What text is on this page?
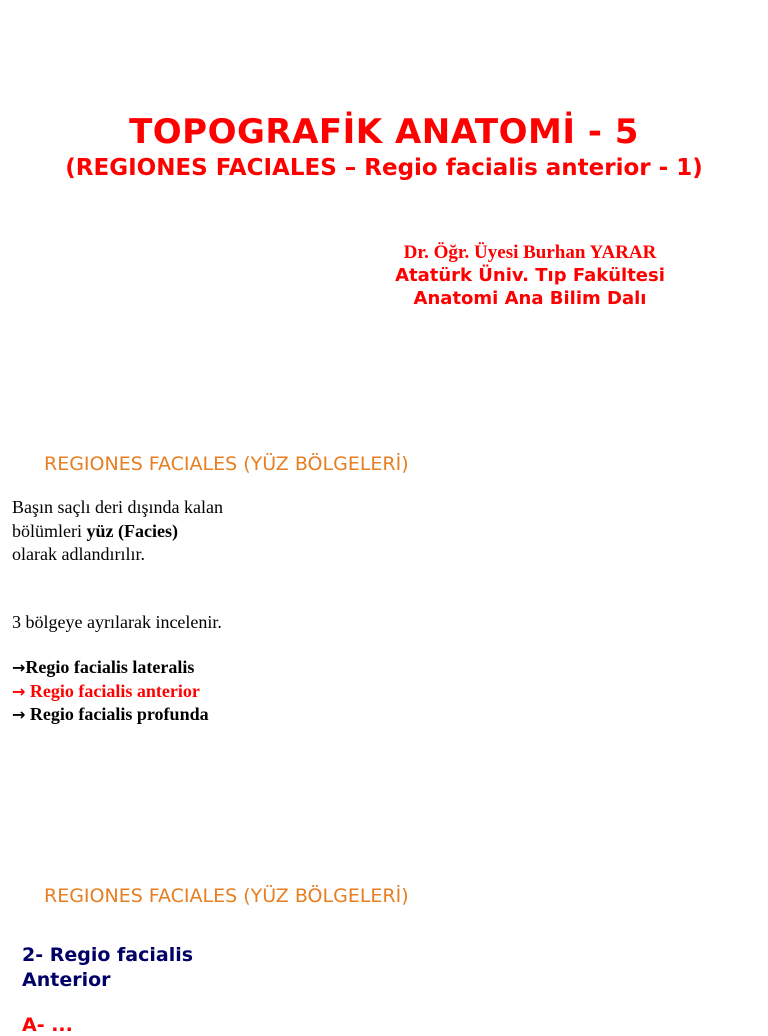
TOPOGRAFİK ANATOMİ - 5
(REGIONES FACIALES – Regio facialis anterior - 1)
Dr. Öğr. Üyesi Burhan YARAR
Atatürk Üniv. Tıp Fakültesi
Anatomi Ana Bilim Dalı
REGIONES FACIALES (YÜZ BÖLGELERİ)
Başın saçlı deri dışında kalan
bölümleri yüz (Facies)
olarak adlandırılır.
3 bölgeye ayrılarak incelenir.
→Regio facialis lateralis
→ Regio facialis anterior
→ Regio facialis profunda
REGIONES FACIALES (YÜZ BÖLGELERİ)
2- Regio facialis
Anterior
A- ...
